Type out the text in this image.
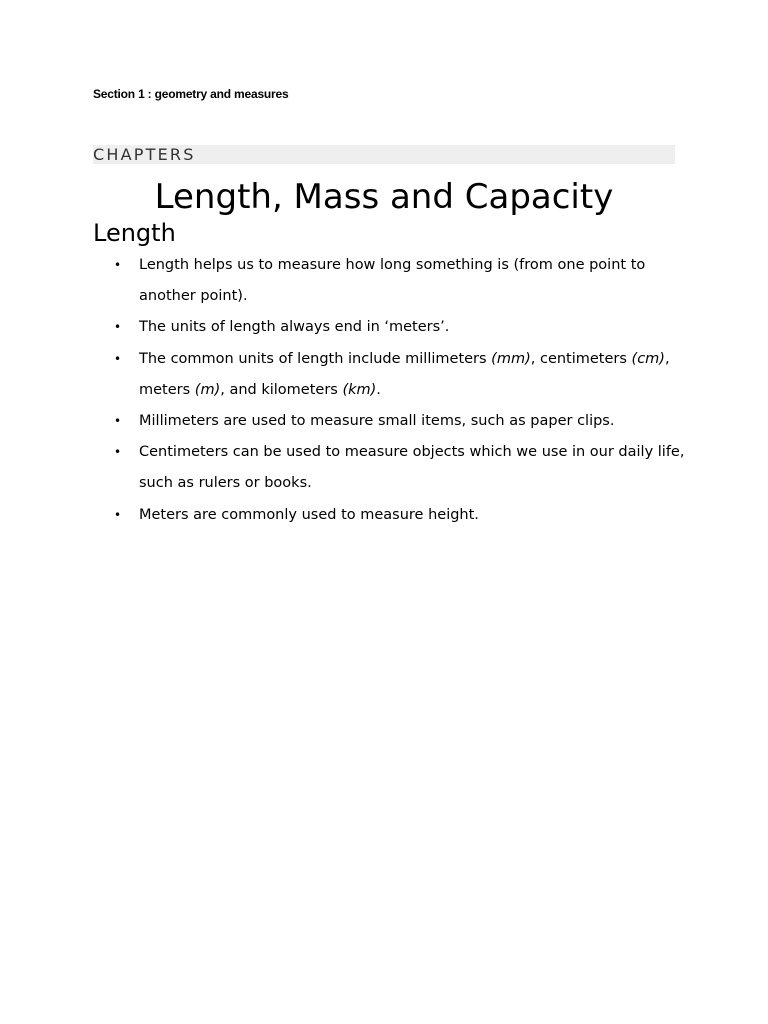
Section 1 : geometry and measures
CHAPTERS
Length, Mass and Capacity
Length
• Length helps us to measure how long something is (from one point to
another point).
• The units of length always end in ‘meters’.
• The common units of length include millimeters (mm), centimeters (cm),
meters (m), and kilometers (km).
• Millimeters are used to measure small items, such as paper clips.
• Centimeters can be used to measure objects which we use in our daily life,
such as rulers or books.
• Meters are commonly used to measure height.
